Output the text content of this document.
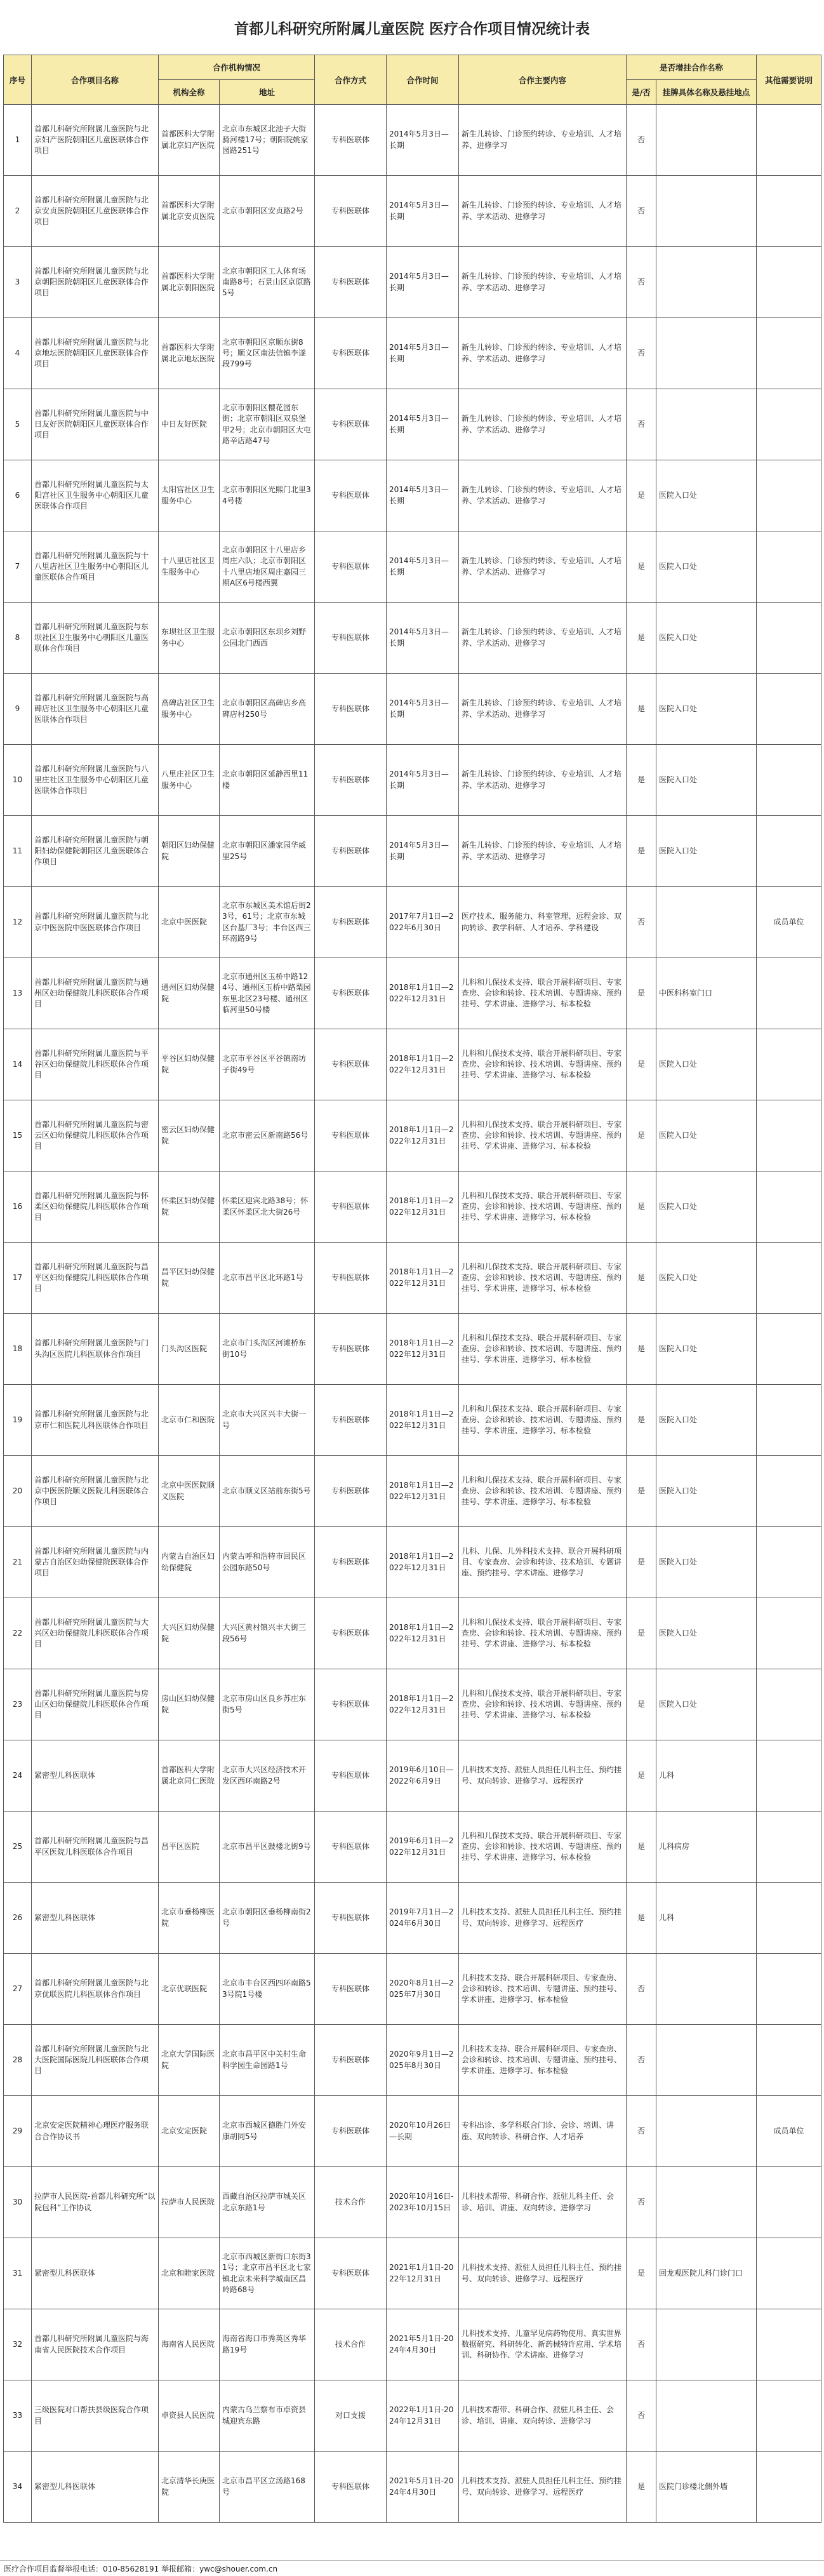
首都儿科研究所附属儿童医院 医疗合作项目情况统计表
序号	合作项目名称	合作机构情况		合作方式	合作时间	合作主要内容	是否增挂合作名称		其他需要说明
		机构全称	地址				是/否	挂牌具体名称及悬挂地点	
1	首都儿科研究所附属儿童医院与北京妇产医院朝阳区儿童医联体合作项目	首都医科大学附属北京妇产医院	北京市东城区北池子大街骑河楼17号；朝阳院姚家园路251号	专科医联体	2014年5月3日—长期	新生儿转诊、门诊预约转诊、专业培训、人才培养、进修学习	否		
2	首都儿科研究所附属儿童医院与北京安贞医院朝阳区儿童医联体合作项目	首都医科大学附属北京安贞医院	北京市朝阳区安贞路2号	专科医联体	2014年5月3日—长期	新生儿转诊、门诊预约转诊、专业培训、人才培养、学术活动、进修学习	否		
3	首都儿科研究所附属儿童医院与北京朝阳医院朝阳区儿童医联体合作项目	首都医科大学附属北京朝阳医院	北京市朝阳区工人体育场南路8号；石景山区京原路5号	专科医联体	2014年5月3日—长期	新生儿转诊、门诊预约转诊、专业培训、人才培养、学术活动、进修学习	否		
4	首都儿科研究所附属儿童医院与北京地坛医院朝阳区儿童医联体合作项目	首都医科大学附属北京地坛医院	北京市朝阳区京顺东街8号；顺义区南法信镇李遂段799号	专科医联体	2014年5月3日—长期	新生儿转诊、门诊预约转诊、专业培训、人才培养、学术活动、进修学习	否		
5	首都儿科研究所附属儿童医院与中日友好医院朝阳区儿童医联体合作项目	中日友好医院	北京市朝阳区樱花园东街；北京市朝阳区双泉堡甲2号；北京市朝阳区大屯路辛店路47号	专科医联体	2014年5月3日—长期	新生儿转诊、门诊预约转诊、专业培训、人才培养、学术活动、进修学习	否		
6	首都儿科研究所附属儿童医院与太阳宫社区卫生服务中心朝阳区儿童医联体合作项目	太阳宫社区卫生服务中心	北京市朝阳区光熙门北里34号楼	专科医联体	2014年5月3日—长期	新生儿转诊、门诊预约转诊、专业培训、人才培养、学术活动、进修学习	是	医院入口处	
7	首都儿科研究所附属儿童医院与十八里店社区卫生服务中心朝阳区儿童医联体合作项目	十八里店社区卫生服务中心	北京市朝阳区十八里店乡周庄六队；北京市朝阳区十八里店地区周庄嘉园三期A区6号楼西翼	专科医联体	2014年5月3日—长期	新生儿转诊、门诊预约转诊、专业培训、人才培养、学术活动、进修学习	是	医院入口处	
8	首都儿科研究所附属儿童医院与东坝社区卫生服务中心朝阳区儿童医联体合作项目	东坝社区卫生服务中心	北京市朝阳区东坝乡刘野公园北门西西	专科医联体	2014年5月3日—长期	新生儿转诊、门诊预约转诊、专业培训、人才培养、学术活动、进修学习	是	医院入口处	
9	首都儿科研究所附属儿童医院与高碑店社区卫生服务中心朝阳区儿童医联体合作项目	高碑店社区卫生服务中心	北京市朝阳区高碑店乡高碑店村250号	专科医联体	2014年5月3日—长期	新生儿转诊、门诊预约转诊、专业培训、人才培养、学术活动、进修学习	是	医院入口处	
10	首都儿科研究所附属儿童医院与八里庄社区卫生服务中心朝阳区儿童医联体合作项目	八里庄社区卫生服务中心	北京市朝阳区延静西里11楼	专科医联体	2014年5月3日—长期	新生儿转诊、门诊预约转诊、专业培训、人才培养、学术活动、进修学习	是	医院入口处	
11	首都儿科研究所附属儿童医院与朝阳妇幼保健院朝阳区儿童医联体合作项目	朝阳区妇幼保健院	北京市朝阳区潘家园华威里25号	专科医联体	2014年5月3日—长期	新生儿转诊、门诊预约转诊、专业培训、人才培养、学术活动、进修学习	是	医院入口处	
12	首都儿科研究所附属儿童医院与北京中医医院中医医联体合作项目	北京中医医院	北京市东城区美术馆后街23号，61号；北京市东城区台基厂3号；丰台区西三环南路9号	专科医联体	2017年7月1日—2022年6月30日	医疗技术、服务能力、科室管理、远程会诊、双向转诊、教学科研、人才培养、学科建设	否		成员单位
13	首都儿科研究所附属儿童医院与通州区妇幼保健院儿科医联体合作项目	通州区妇幼保健院	北京市通州区玉桥中路124号、通州区玉桥中路梨园东里北区23号楼、通州区临河里50号楼	专科医联体	2018年1月1日—2022年12月31日	儿科和儿保技术支持、联合开展科研项目、专家查房、会诊和转诊、技术培训、专题讲座、预约挂号、学术讲座、进修学习、标本检验	是	中医科科室门口	
14	首都儿科研究所附属儿童医院与平谷区妇幼保健院儿科医联体合作项目	平谷区妇幼保健院	北京市平谷区平谷镇南坊子街49号	专科医联体	2018年1月1日—2022年12月31日	儿科和儿保技术支持、联合开展科研项目、专家查房、会诊和转诊、技术培训、专题讲座、预约挂号、学术讲座、进修学习、标本检验	是	医院入口处	
15	首都儿科研究所附属儿童医院与密云区妇幼保健院儿科医联体合作项目	密云区妇幼保健院	北京市密云区新南路56号	专科医联体	2018年1月1日—2022年12月31日	儿科和儿保技术支持、联合开展科研项目、专家查房、会诊和转诊、技术培训、专题讲座、预约挂号、学术讲座、进修学习、标本检验	是	医院入口处	
16	首都儿科研究所附属儿童医院与怀柔区妇幼保健院儿科医联体合作项目	怀柔区妇幼保健院	怀柔区迎宾北路38号；怀柔区怀柔区北大街26号	专科医联体	2018年1月1日—2022年12月31日	儿科和儿保技术支持、联合开展科研项目、专家查房、会诊和转诊、技术培训、专题讲座、预约挂号、学术讲座、进修学习、标本检验	是	医院入口处	
17	首都儿科研究所附属儿童医院与昌平区妇幼保健院儿科医联体合作项目	昌平区妇幼保健院	北京市昌平区北环路1号	专科医联体	2018年1月1日—2022年12月31日	儿科和儿保技术支持、联合开展科研项目、专家查房、会诊和转诊、技术培训、专题讲座、预约挂号、学术讲座、进修学习、标本检验	是	医院入口处	
18	首都儿科研究所附属儿童医院与门头沟区医院儿科医联体合作项目	门头沟区医院	北京市门头沟区河滩桥东街10号	专科医联体	2018年1月1日—2022年12月31日	儿科和儿保技术支持、联合开展科研项目、专家查房、会诊和转诊、技术培训、专题讲座、预约挂号、学术讲座、进修学习、标本检验	是	医院入口处	
19	首都儿科研究所附属儿童医院与北京市仁和医院儿科医联体合作项目	北京市仁和医院	北京市大兴区兴丰大街一号	专科医联体	2018年1月1日—2022年12月31日	儿科和儿保技术支持、联合开展科研项目、专家查房、会诊和转诊、技术培训、专题讲座、预约挂号、学术讲座、进修学习、标本检验	是	医院入口处	
20	首都儿科研究所附属儿童医院与北京中医医院顺义医院儿科医联体合作项目	北京中医医院顺义医院	北京市顺义区站前东街5号	专科医联体	2018年1月1日—2022年12月31日	儿科和儿保技术支持、联合开展科研项目、专家查房、会诊和转诊、技术培训、专题讲座、预约挂号、学术讲座、进修学习、标本检验	是	医院入口处	
21	首都儿科研究所附属儿童医院与内蒙古自治区妇幼保健院医联体合作项目	内蒙古自治区妇幼保健院	内蒙古呼和浩特市回民区公园东路50号	专科医联体	2018年1月1日—2022年12月31日	儿科、儿保、儿外科技术支持、联合开展科研项目、专家查房、会诊和转诊、技术培训、专题讲座、预约挂号、学术讲座、进修学习	是	医院入口处	
22	首都儿科研究所附属儿童医院与大兴区妇幼保健院儿科医联体合作项目	大兴区妇幼保健院	大兴区黄村镇兴丰大街三段56号	专科医联体	2018年1月1日—2022年12月31日	儿科和儿保技术支持、联合开展科研项目、专家查房、会诊和转诊、技术培训、专题讲座、预约挂号、学术讲座、进修学习、标本检验	是	医院入口处	
23	首都儿科研究所附属儿童医院与房山区妇幼保健院儿科医联体合作项目	房山区妇幼保健院	北京市房山区良乡苏庄东街5号	专科医联体	2018年1月1日—2022年12月31日	儿科和儿保技术支持、联合开展科研项目、专家查房、会诊和转诊、技术培训、专题讲座、预约挂号、学术讲座、进修学习、标本检验	是	医院入口处	
24	紧密型儿科医联体	首都医科大学附属北京同仁医院	北京市大兴区经济技术开发区西环南路2号	专科医联体	2019年6月10日—2022年6月9日	儿科技术支持、派驻人员担任儿科主任、预约挂号、双向转诊、进修学习、远程医疗	是	儿科	
25	首都儿科研究所附属儿童医院与昌平区医院儿科医联体合作项目	昌平区医院	北京市昌平区鼓楼北街9号	专科医联体	2019年6月1日—2022年12月31日	儿科和儿保技术支持、联合开展科研项目、专家查房、会诊和转诊、技术培训、专题讲座、预约挂号、学术讲座、进修学习、标本检验	是	儿科病房	
26	紧密型儿科医联体	北京市垂杨柳医院	北京市朝阳区垂杨柳南街2号	专科医联体	2019年7月1日—2024年6月30日	儿科技术支持、派驻人员担任儿科主任、预约挂号、双向转诊、进修学习、远程医疗	是	儿科	
27	首都儿科研究所附属儿童医院与北京优联医院儿科医联体合作项目	北京优联医院	北京市丰台区西四环南路53号院1号楼	专科医联体	2020年8月1日—2025年7月30日	儿科技术支持、联合开展科研项目、专家查房、会诊和转诊、技术培训、专题讲座、预约挂号、学术讲座、进修学习、标本检验	否		
28	首都儿科研究所附属儿童医院与北大医院国际医院儿科医联体合作项目	北京大学国际医院	北京市昌平区中关村生命科学园生命园路1号	专科医联体	2020年9月1日—2025年8月30日	儿科技术支持、联合开展科研项目、专家查房、会诊和转诊、技术培训、专题讲座、预约挂号、学术讲座、进修学习、标本检验	否		
29	北京安定医院精神心理医疗服务联合合作协议书	北京安定医院	北京市西城区德胜门外安康胡同5号	专科医联体	2020年10月26日—长期	专科出诊、多学科联合门诊、会诊、培训、讲座、双向转诊、科研合作、人才培养	否		成员单位
30	拉萨市人民医院-首都儿科研究所“以院包科”工作协议	拉萨市人民医院	西藏自治区拉萨市城关区北京东路1号	技术合作	2020年10月16日-2023年10月15日	儿科技术帮带、科研合作、派驻儿科主任、会诊、培训、讲座、双向转诊、进修学习	否		
31	紧密型儿科医联体	北京和睦家医院	北京市西城区新街口东街31号；北京市昌平区北七家镇北京未来科学城南区昌岭路68号	专科医联体	2021年1月1日-2022年12月31日	儿科技术支持、派驻人员担任儿科主任、预约挂号、双向转诊、进修学习、远程医疗	是	回龙观医院儿科门诊门口	
32	首都儿科研究所附属儿童医院与海南省人民医院技术合作项目	海南省人民医院	海南省海口市秀英区秀华路19号	技术合作	2021年5月1日-2024年4月30日	儿科技术支持、儿童罕见病药物使用、真实世界数据研究、科研转化、新药械特许应用、学术培训、科研协作、学术讲座、进修学习	否		
33	三级医院对口帮扶县级医院合作项目	卓资县人民医院	内蒙古乌兰察布市卓资县城迎宾东路	对口支援	2022年1月1日-2024年12月31日	儿科技术帮带、科研合作、派驻儿科主任、会诊、培训、讲座、双向转诊、进修学习	否		
34	紧密型儿科医联体	北京清华长庚医院	北京市昌平区立汤路168号	专科医联体	2021年5月1日-2024年4月30日	儿科技术支持、派驻人员担任儿科主任、预约挂号、双向转诊、进修学习、远程医疗	是	医院门诊楼北侧外墙	
医疗合作项目监督举报电话：010-85628191 举报邮箱：ywc@shouer.com.cn
